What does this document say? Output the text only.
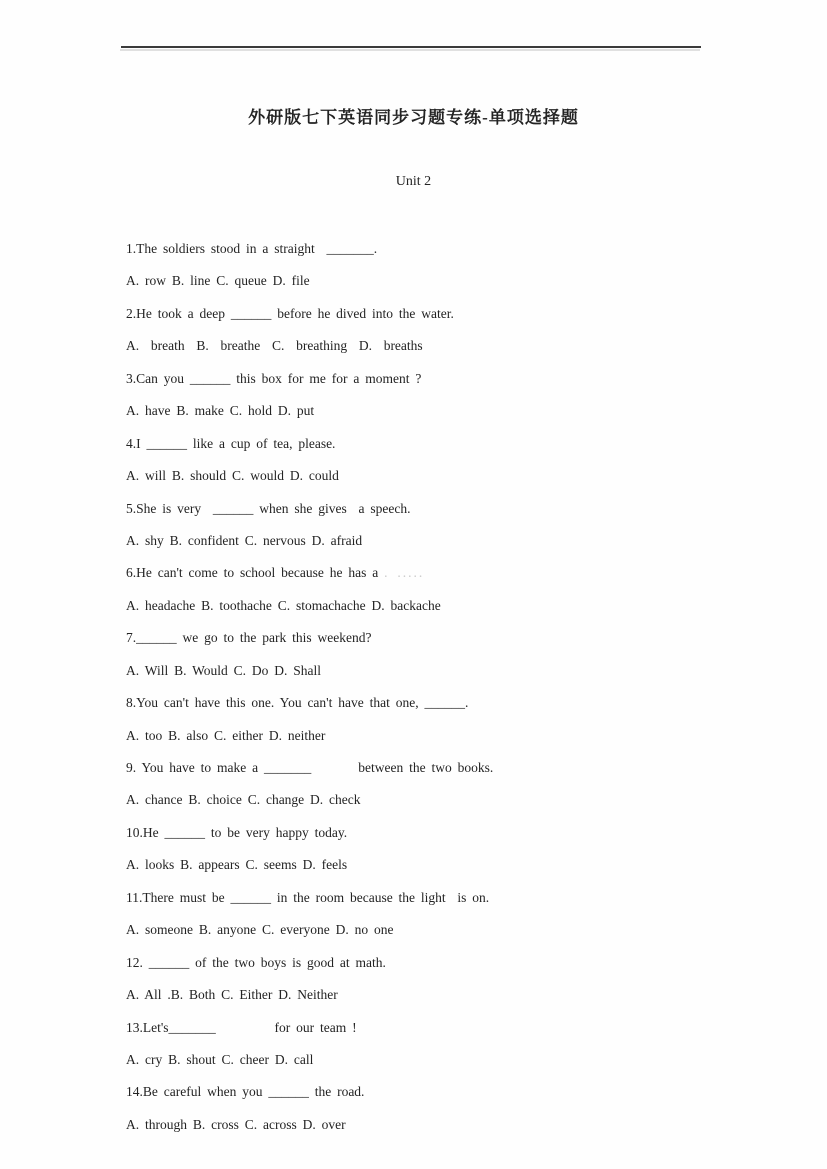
外研版七下英语同步习题专练-单项选择题
Unit 2
1.The soldiers stood in a straight  _______.
A. row B. line C. queue D. file
2.He took a deep ______ before he dived into the water.
A.  breath  B.  breathe  C.  breathing  D.  breaths
3.Can you ______ this box for me for a moment ?
A. have B. make C. hold D. put
4.I ______ like a cup of tea, please.
A. will B. should C. would D. could
5.She is very  ______ when she gives  a speech.
A. shy B. confident C. nervous D. afraid
6.He can't come to school because he has a . .....
A. headache B. toothache C. stomachache D. backache
7.______ we go to the park this weekend?
A. Will B. Would C. Do D. Shall
8.You can't have this one. You can't have that one, ______.
A. too B. also C. either D. neither
9. You have to make a _______        between the two books.
A. chance B. choice C. change D. check
10.He ______ to be very happy today.
A. looks B. appears C. seems D. feels
11.There must be ______ in the room because the light  is on.
A. someone B. anyone C. everyone D. no one
12. ______ of the two boys is good at math.
A. All .B. Both C. Either D. Neither
13.Let's_______          for our team !
A. cry B. shout C. cheer D. call
14.Be careful when you ______ the road.
A. through B. cross C. across D. over
